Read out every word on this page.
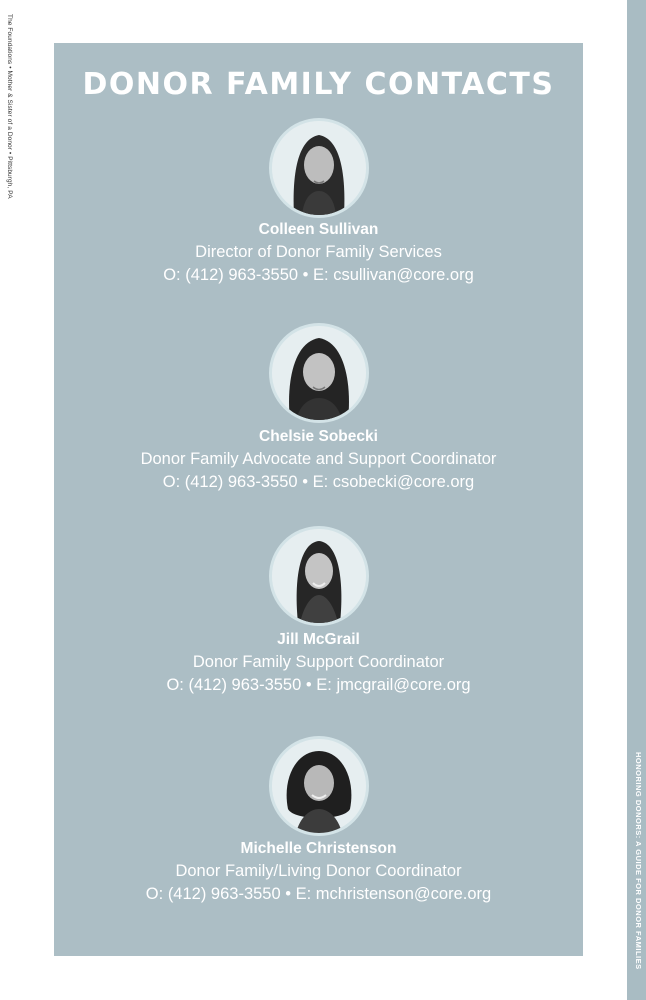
The Foundations • Mother & Sister of a Donor • Pittsburgh, PA
HONORING DONORS: A GUIDE FOR DONOR FAMILIES
DONOR FAMILY CONTACTS
Colleen Sullivan
Director of Donor Family Services
O: (412) 963-3550 • E: csullivan@core.org
Chelsie Sobecki
Donor Family Advocate and Support Coordinator
O: (412) 963-3550 • E: csobecki@core.org
Jill McGrail
Donor Family Support Coordinator
O: (412) 963-3550 • E: jmcgrail@core.org
Michelle Christenson
Donor Family/Living Donor Coordinator
O: (412) 963-3550 • E: mchristenson@core.org
